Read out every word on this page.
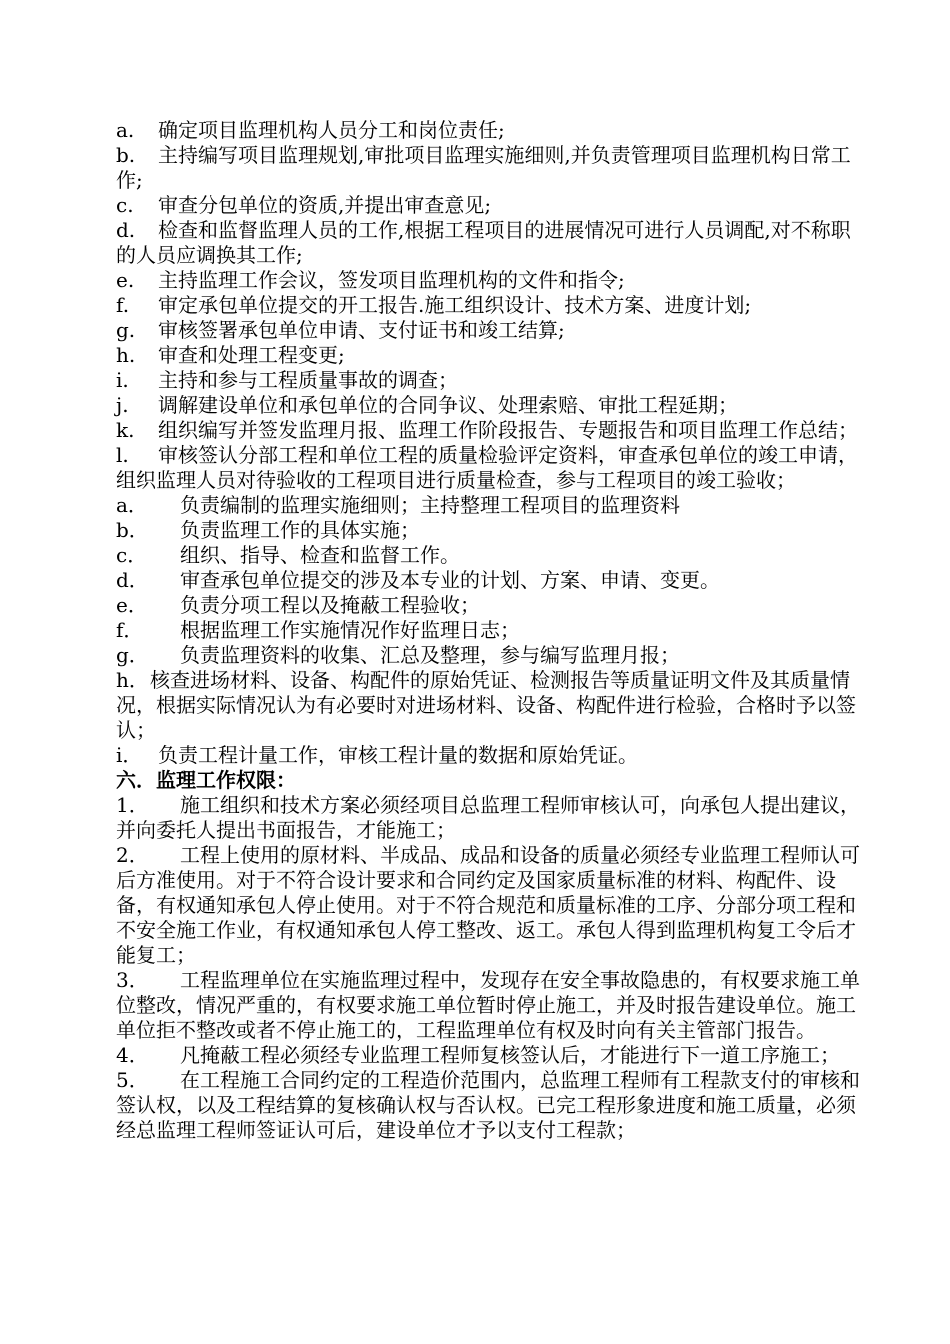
a. 确定项目监理机构人员分工和岗位责任;

b. 主持编写项目监理规划,审批项目监理实施细则,并负责管理项目监理机构日常工作;

c. 审查分包单位的资质,并提出审查意见;

d. 检查和监督监理人员的工作,根据工程项目的进展情况可进行人员调配,对不称职的人员应调换其工作;

e. 主持监理工作会议，签发项目监理机构的文件和指令;

f. 审定承包单位提交的开工报告.施工组织设计、技术方案、进度计划;

g. 审核签署承包单位申请、支付证书和竣工结算;

h. 审查和处理工程变更;

i. 主持和参与工程质量事故的调查；

j. 调解建设单位和承包单位的合同争议、处理索赔、审批工程延期；

k. 组织编写并签发监理月报、监理工作阶段报告、专题报告和项目监理工作总结；

l. 审核签认分部工程和单位工程的质量检验评定资料，审查承包单位的竣工申请，组织监理人员对待验收的工程项目进行质量检查，参与工程项目的竣工验收；

a． 负责编制的监理实施细则；主持整理工程项目的监理资料

b． 负责监理工作的具体实施；

c． 组织、指导、检查和监督工作。

d． 审查承包单位提交的涉及本专业的计划、方案、申请、变更。

e． 负责分项工程以及掩蔽工程验收；

f． 根据监理工作实施情况作好监理日志；

g． 负责监理资料的收集、汇总及整理，参与编写监理月报；

h．核查进场材料、设备、构配件的原始凭证、检测报告等质量证明文件及其质量情况，根据实际情况认为有必要时对进场材料、设备、构配件进行检验，合格时予以签认；

i． 负责工程计量工作，审核工程计量的数据和原始凭证。

六．监理工作权限：

1． 施工组织和技术方案必须经项目总监理工程师审核认可，向承包人提出建议，并向委托人提出书面报告，才能施工；

2． 工程上使用的原材料、半成品、成品和设备的质量必须经专业监理工程师认可后方准使用。对于不符合设计要求和合同约定及国家质量标准的材料、构配件、设备，有权通知承包人停止使用。对于不符合规范和质量标准的工序、分部分项工程和不安全施工作业，有权通知承包人停工整改、返工。承包人得到监理机构复工令后才能复工；

3． 工程监理单位在实施监理过程中，发现存在安全事故隐患的，有权要求施工单位整改，情况严重的，有权要求施工单位暂时停止施工，并及时报告建设单位。施工单位拒不整改或者不停止施工的，工程监理单位有权及时向有关主管部门报告。

4． 凡掩蔽工程必须经专业监理工程师复核签认后，才能进行下一道工序施工；

5． 在工程施工合同约定的工程造价范围内，总监理工程师有工程款支付的审核和签认权，以及工程结算的复核确认权与否认权。已完工程形象进度和施工质量，必须经总监理工程师签证认可后，建设单位才予以支付工程款；
